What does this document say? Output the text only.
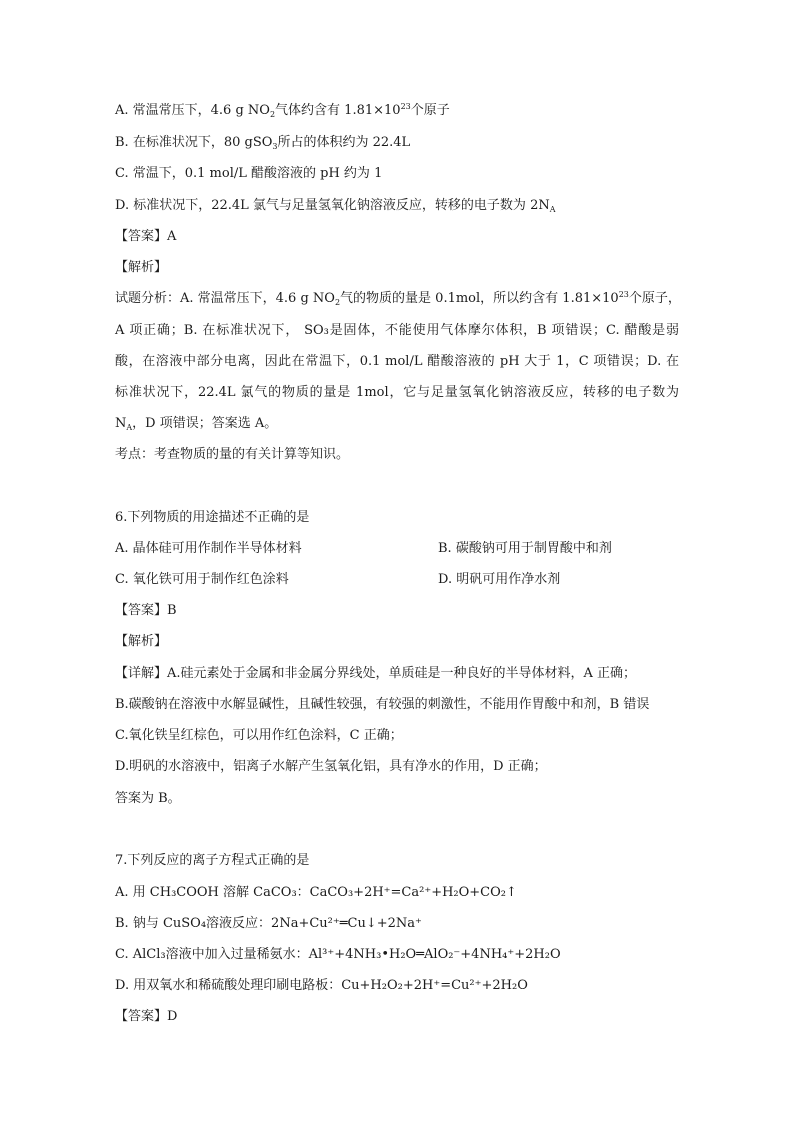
A. 常温常压下，4.6 g $NO_2$气体约含有 $1.81\times 10^{23}$个原子
B. 在标准状况下，80 gSO$_3$所占的体积约为 22.4L
C. 常温下，0.1 mol/L 醋酸溶液的 pH 约为 1
D. 标准状况下，22.4L 氯气与足量氢氧化钠溶液反应，转移的电子数为 $2N_A$
【答案】A
【解析】
试题分析：A. 常温常压下，4.6 g $NO_2$气的物质的量是 0.1mol，所以约含有 $1.81\times 10^{23}$个原子，
A 项正确；B. 在标准状况下， SO₃是固体，不能使用气体摩尔体积，B 项错误；C. 醋酸是弱
酸，在溶液中部分电离，因此在常温下，0.1 mol/L 醋酸溶液的 pH 大于 1，C 项错误；D. 在
标准状况下，22.4L 氯气的物质的量是 1mol，它与足量氢氧化钠溶液反应，转移的电子数为
$N_A$，D 项错误；答案选 A。
考点：考查物质的量的有关计算等知识。
6.下列物质的用途描述不正确的是
A. 晶体硅可用作制作半导体材料	B. 碳酸钠可用于制胃酸中和剂
C. 氧化铁可用于制作红色涂料	D. 明矾可用作净水剂
【答案】B
【解析】
【详解】A.硅元素处于金属和非金属分界线处，单质硅是一种良好的半导体材料，A 正确；
B.碳酸钠在溶液中水解显碱性，且碱性较强，有较强的刺激性，不能用作胃酸中和剂，B 错误
C.氧化铁呈红棕色，可以用作红色涂料，C 正确；
D.明矾的水溶液中，铝离子水解产生氢氧化铝，具有净水的作用，D 正确；
答案为 B。
7.下列反应的离子方程式正确的是
A. 用 CH₃COOH 溶解 CaCO₃：CaCO₃+2H⁺=Ca²⁺+H₂O+CO₂↑
B. 钠与 CuSO₄溶液反应：2Na+Cu²⁺═Cu↓+2Na⁺
C. AlCl₃溶液中加入过量稀氨水：Al³⁺+4NH₃•H₂O═AlO₂⁻+4NH₄⁺+2H₂O
D. 用双氧水和稀硫酸处理印刷电路板：Cu+H₂O₂+2H⁺=Cu²⁺+2H₂O
【答案】D
